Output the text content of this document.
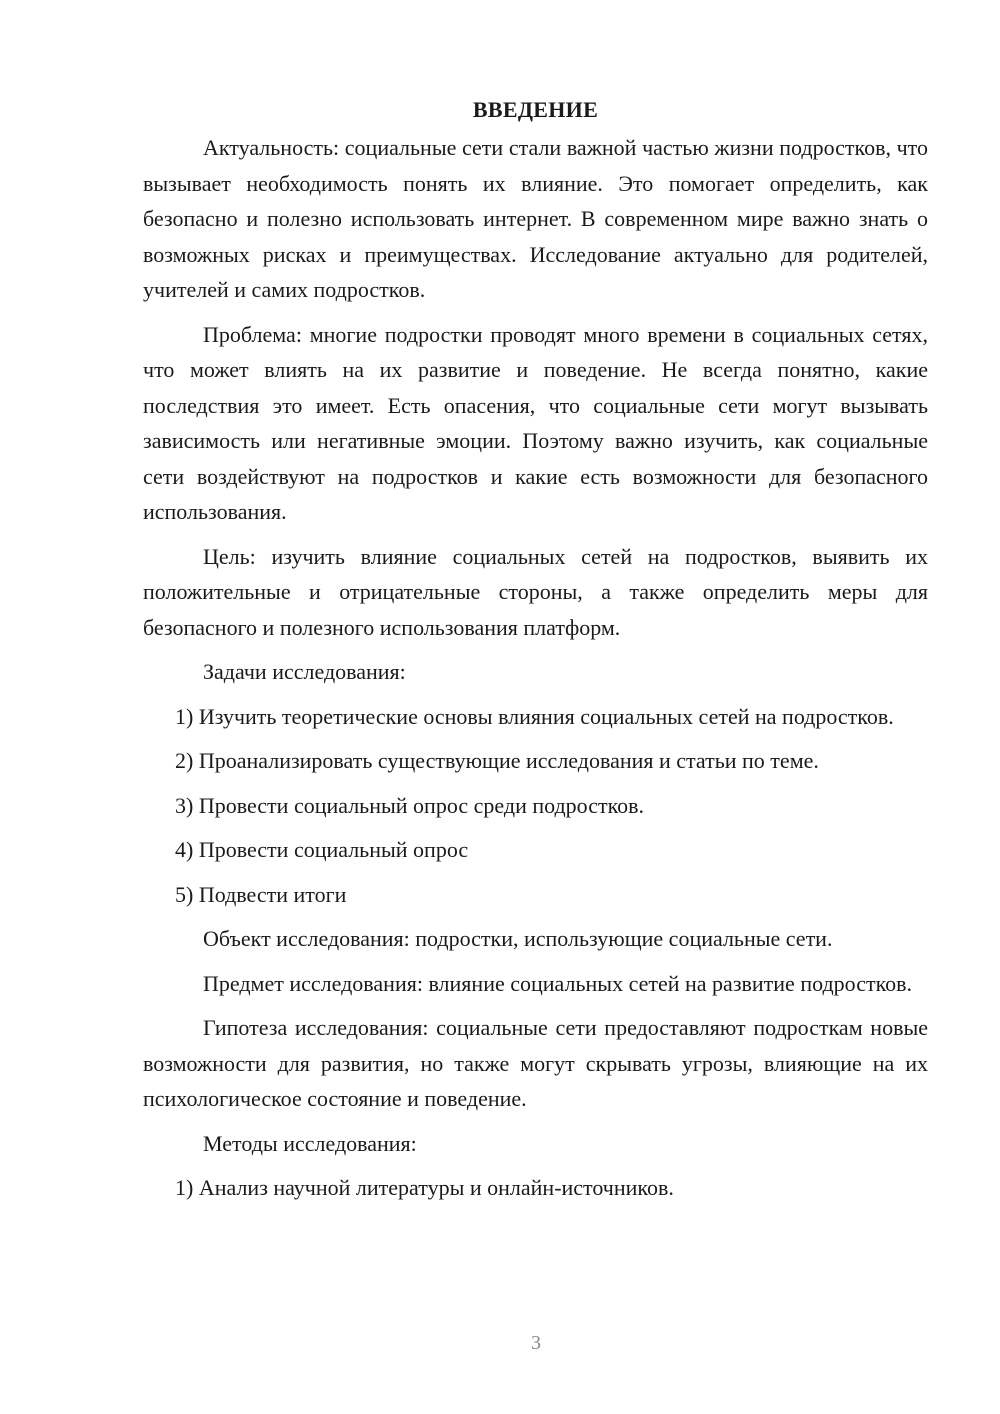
ВВЕДЕНИЕ

Актуальность: социальные сети стали важной частью жизни подростков, что вызывает необходимость понять их влияние. Это помогает определить, как безопасно и полезно использовать интернет. В современном мире важно знать о возможных рисках и преимуществах. Исследование актуально для родителей, учителей и самих подростков.

Проблема: многие подростки проводят много времени в социальных сетях, что может влиять на их развитие и поведение. Не всегда понятно, какие последствия это имеет. Есть опасения, что социальные сети могут вызывать зависимость или негативные эмоции. Поэтому важно изучить, как социальные сети воздействуют на подростков и какие есть возможности для безопасного использования.

Цель: изучить влияние социальных сетей на подростков, выявить их положительные и отрицательные стороны, а также определить меры для безопасного и полезного использования платформ.

Задачи исследования:

1) Изучить теоретические основы влияния социальных сетей на подростков.

2) Проанализировать существующие исследования и статьи по теме.

3) Провести социальный опрос среди подростков.

4) Провести социальный опрос

5) Подвести итоги

Объект исследования: подростки, использующие социальные сети.

Предмет исследования: влияние социальных сетей на развитие подростков.

Гипотеза исследования: социальные сети предоставляют подросткам новые возможности для развития, но также могут скрывать угрозы, влияющие на их психологическое состояние и поведение.

Методы исследования:

1) Анализ научной литературы и онлайн-источников.

3
